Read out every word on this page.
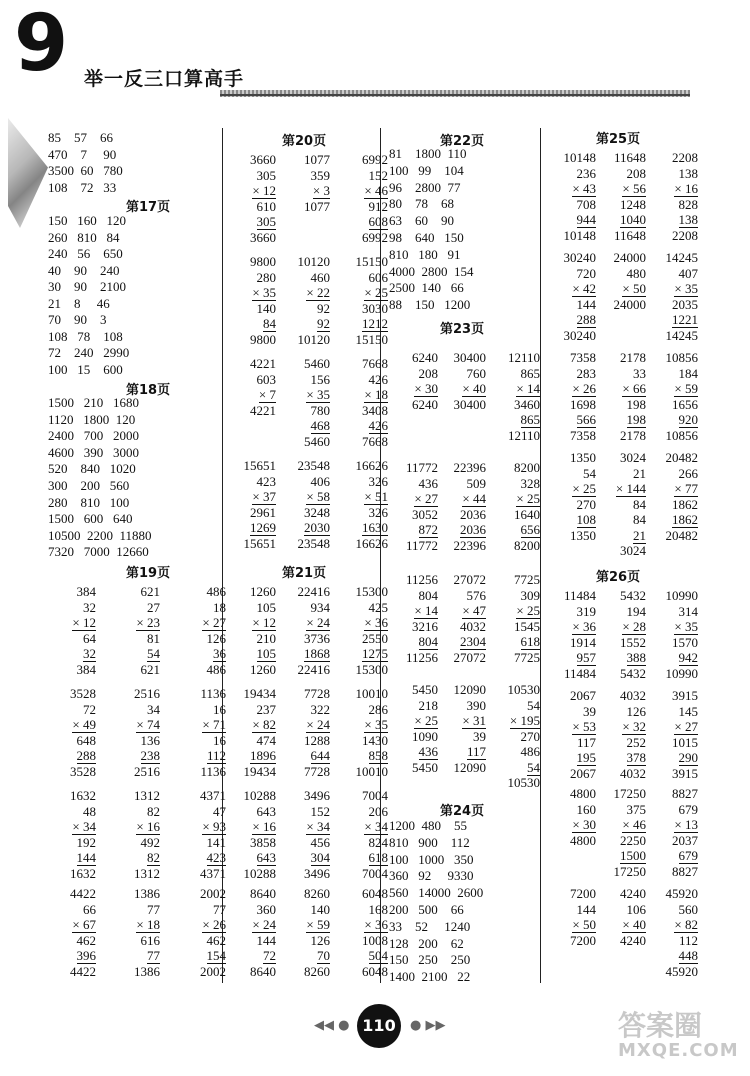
9 举一反三口算高手
85    57    66
470    7     90
3500  60   780
108    72   33
第17页
150   160   120
260   810   84
240   56    650
40    90    240
30    90    2100
21    8     46
70    90    3
108   78    108
72    240   2990
100   15    600
第18页
1500   210   1680
1120   1800  120
2400   700   2000
4600   390   3000
520    840   1020
300    200   560
280    810   100
1500   600   640
10500  2200  11880
7320   7000  12660
第19页
第20页
第21页
第22页
81    1800  110
100   99    104
96    2800  77
80    78    68
63    60    90
98    640   150
810   180   91
4000  2800  154
2500  140   66
88    150   1200
第23页
第24页
1200  480    55
810   900    112
100   1000   350
360   92     9330
560   14000  2600
200   500    66
33    52     1240
128   200    62
150   250    250
1400  2100   22
第25页
第26页
384
32
× 12
64
32
384
621
27
× 23
81
54
621
486
18
× 27
126
36
486
3528
72
× 49
648
288
3528
2516
34
× 74
136
238
2516
1136
16
× 71
16
112
1136
1632
48
× 34
192
144
1632
1312
82
× 16
492
82
1312
4371
47
× 93
141
423
4371
4422
66
× 67
462
396
4422
1386
77
× 18
616
77
1386
2002
77
× 26
462
154
2002
3660
305
× 12
610
305
3660
1077
359
× 3
1077
6992
152
× 46
912
608
6992
9800
280
× 35
140
84
9800
10120
460
× 22
92
92
10120
15150
606
× 25
3030
1212
15150
4221
603
× 7
4221
5460
156
× 35
780
468
5460
7668
426
× 18
3408
426
7668
15651
423
× 37
2961
1269
15651
23548
406
× 58
3248
2030
23548
16626
326
× 51
326
1630
16626
1260
105
× 12
210
105
1260
22416
934
× 24
3736
1868
22416
15300
425
× 36
2550
1275
15300
19434
237
× 82
474
1896
19434
7728
322
× 24
1288
644
7728
10010
286
× 35
1430
858
10010
10288
643
× 16
3858
643
10288
3496
152
× 34
456
304
3496
7004
206
× 34
824
618
7004
8640
360
× 24
144
72
8640
8260
140
× 59
126
70
8260
6048
168
× 36
1008
504
6048
6240
208
× 30
6240
30400
760
× 40
30400
12110
865
× 14
3460
865
12110
11772
436
× 27
3052
872
11772
22396
509
× 44
2036
2036
22396
8200
328
× 25
1640
656
8200
11256
804
× 14
3216
804
11256
27072
576
× 47
4032
2304
27072
7725
309
× 25
1545
618
7725
5450
218
× 25
1090
436
5450
12090
390
× 31
39
117
12090
10530
54
× 195
270
486
54
10530
10148
236
× 43
708
944
10148
11648
208
× 56
1248
1040
11648
2208
138
× 16
828
138
2208
30240
720
× 42
144
288
30240
24000
480
× 50
24000
14245
407
× 35
2035
1221
14245
7358
283
× 26
1698
566
7358
2178
33
× 66
198
198
2178
10856
184
× 59
1656
920
10856
1350
54
× 25
270
108
1350
3024
21
× 144
84
84
21
3024
20482
266
× 77
1862
1862
20482
11484
319
× 36
1914
957
11484
5432
194
× 28
1552
388
5432
10990
314
× 35
1570
942
10990
2067
39
× 53
117
195
2067
4032
126
× 32
252
378
4032
3915
145
× 27
1015
290
3915
4800
160
× 30
4800
17250
375
× 46
2250
1500
17250
8827
679
× 13
2037
679
8827
7200
144
× 50
7200
4240
106
× 40
4240
45920
560
× 82
112
448
45920
◀◀ ● 110	● ▶▶	答案圈
MXQE.COM
